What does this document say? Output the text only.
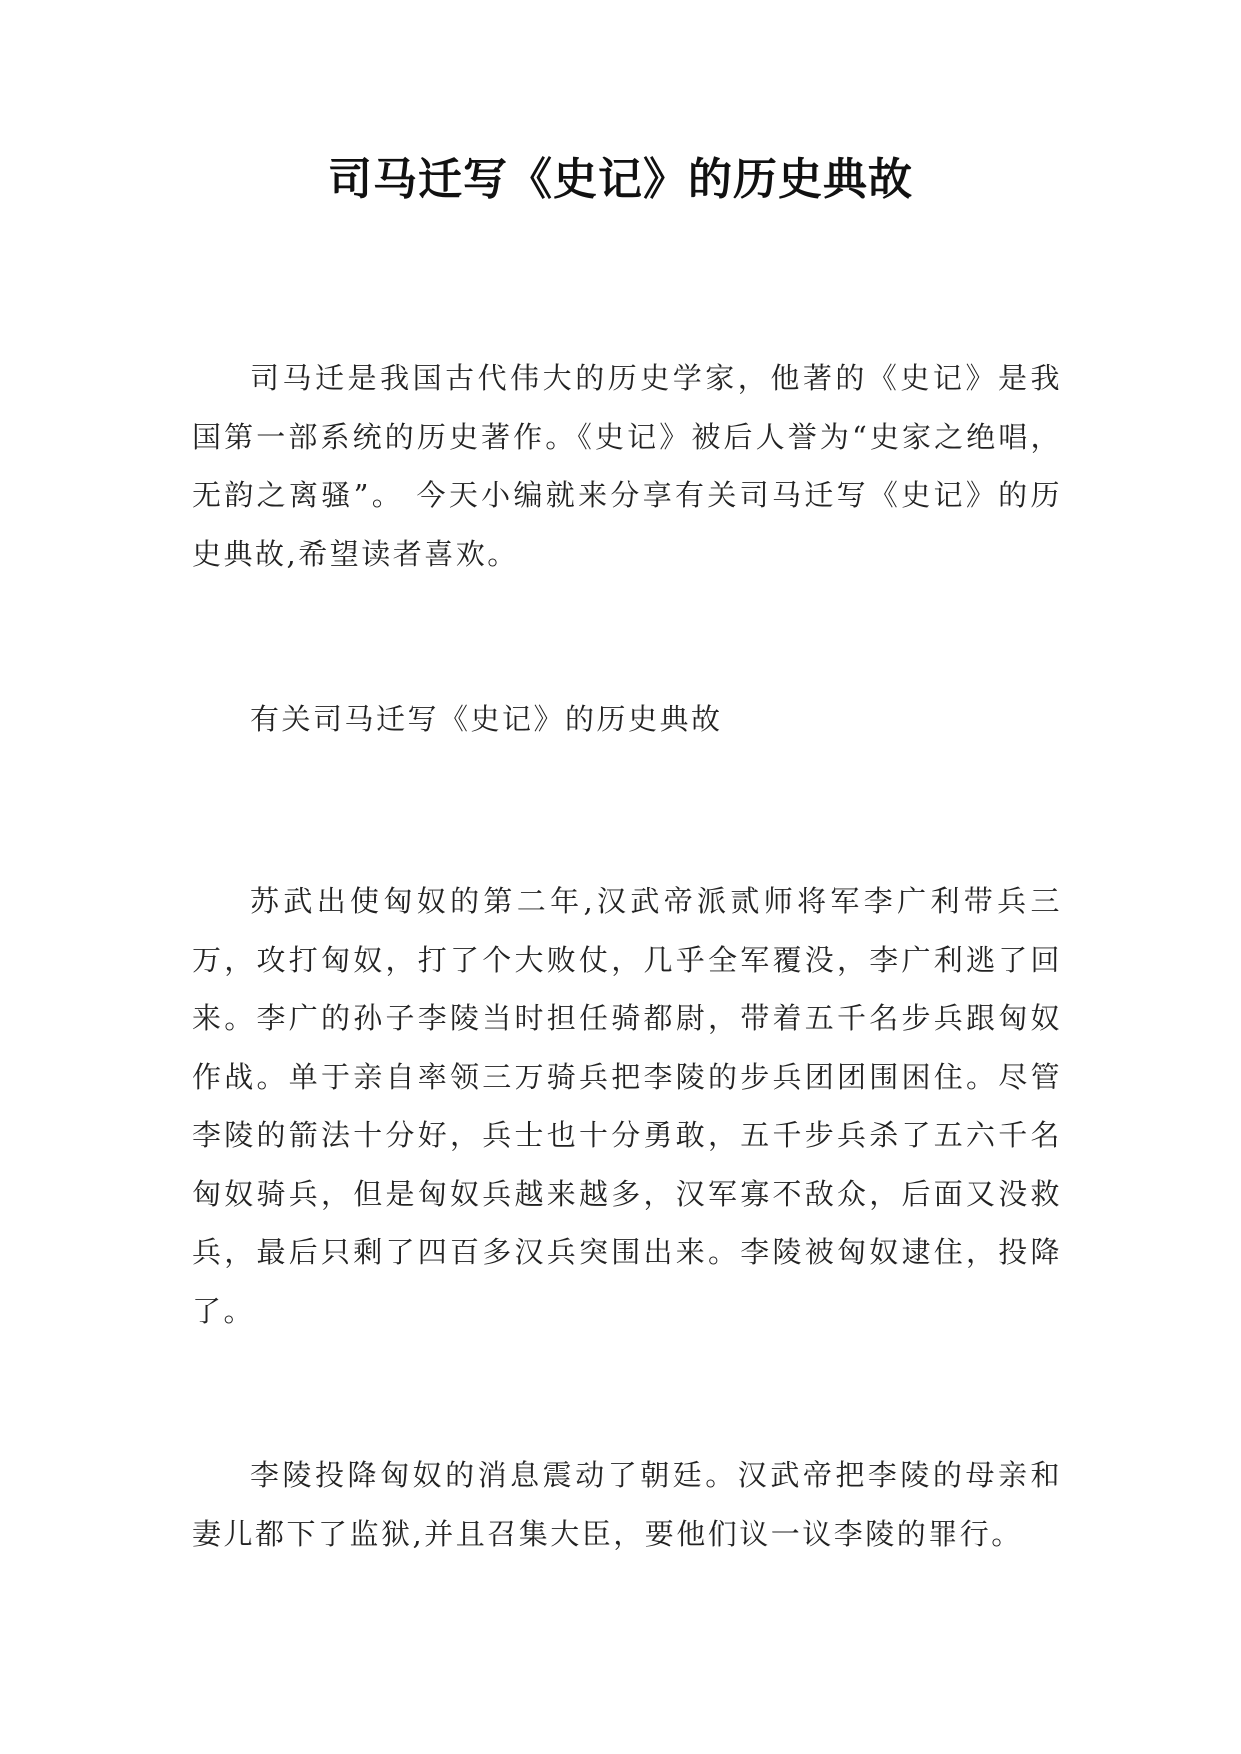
司马迁写《史记》的历史典故

司马迁是我国古代伟大的历史学家，他著的《史记》是我国第一部系统的历史著作。《史记》被后人誉为“史家之绝唱，无韵之离骚”。 今天小编就来分享有关司马迁写《史记》的历史典故,希望读者喜欢。

有关司马迁写《史记》的历史典故

苏武出使匈奴的第二年,汉武帝派贰师将军李广利带兵三万，攻打匈奴，打了个大败仗，几乎全军覆没，李广利逃了回来。李广的孙子李陵当时担任骑都尉，带着五千名步兵跟匈奴作战。单于亲自率领三万骑兵把李陵的步兵团团围困住。尽管李陵的箭法十分好，兵士也十分勇敢，五千步兵杀了五六千名匈奴骑兵，但是匈奴兵越来越多，汉军寡不敌众，后面又没救兵，最后只剩了四百多汉兵突围出来。李陵被匈奴逮住，投降了。

李陵投降匈奴的消息震动了朝廷。汉武帝把李陵的母亲和妻儿都下了监狱,并且召集大臣，要他们议一议李陵的罪行。
